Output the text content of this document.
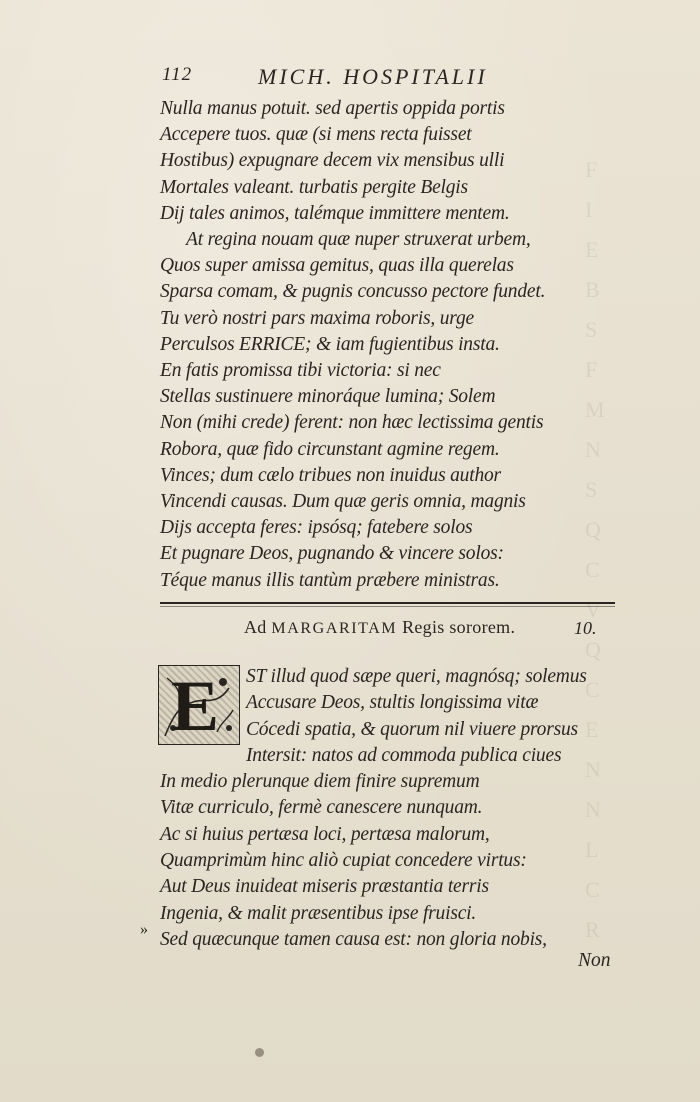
F
I
E
B
S
F
M
N
S
Q
C
V
Q
C
E
N
N
L
C
R
112	MICH. HOSPITALII
Nulla manus potuit. sed apertis oppida portis
Accepere tuos. quæ (si mens recta fuisset
Hostibus) expugnare decem vix mensibus ulli
Mortales valeant. turbatis pergite Belgis
Dij tales animos, talémque immittere mentem.
At regina nouam quæ nuper struxerat urbem,
Quos super amissa gemitus, quas illa querelas
Sparsa comam, & pugnis concusso pectore fundet.
Tu verò nostri pars maxima roboris, urge
Perculsos ERRICE; & iam fugientibus insta.
En fatis promissa tibi victoria: si nec
Stellas sustinuere minoráque lumina; Solem
Non (mihi crede) ferent: non hæc lectissima gentis
Robora, quæ fido circunstant agmine regem.
Vinces; dum cælo tribues non inuidus author
Vincendi causas. Dum quæ geris omnia, magnis
Dijs accepta feres: ipsósq; fatebere solos
Et pugnare Deos, pugnando & vincere solos:
Téque manus illis tantùm præbere ministras.
Ad MARGARITAM Regis sororem.	10.
E	ST illud quod sæpe queri, magnósq; solemus
Accusare Deos, stultis longissima vitæ
Cócedi spatia, & quorum nil viuere prorsus
Intersit: natos ad commoda publica ciues
In medio plerunque diem finire supremum
Vitæ curriculo, fermè canescere nunquam.
Ac si huius pertæsa loci, pertæsa malorum,
Quamprimùm hinc aliò cupiat concedere virtus:
Aut Deus inuideat miseris præstantia terris
Ingenia, & malit præsentibus ipse fruisci.
Sed quæcunque tamen causa est: non gloria nobis,
»
Non
